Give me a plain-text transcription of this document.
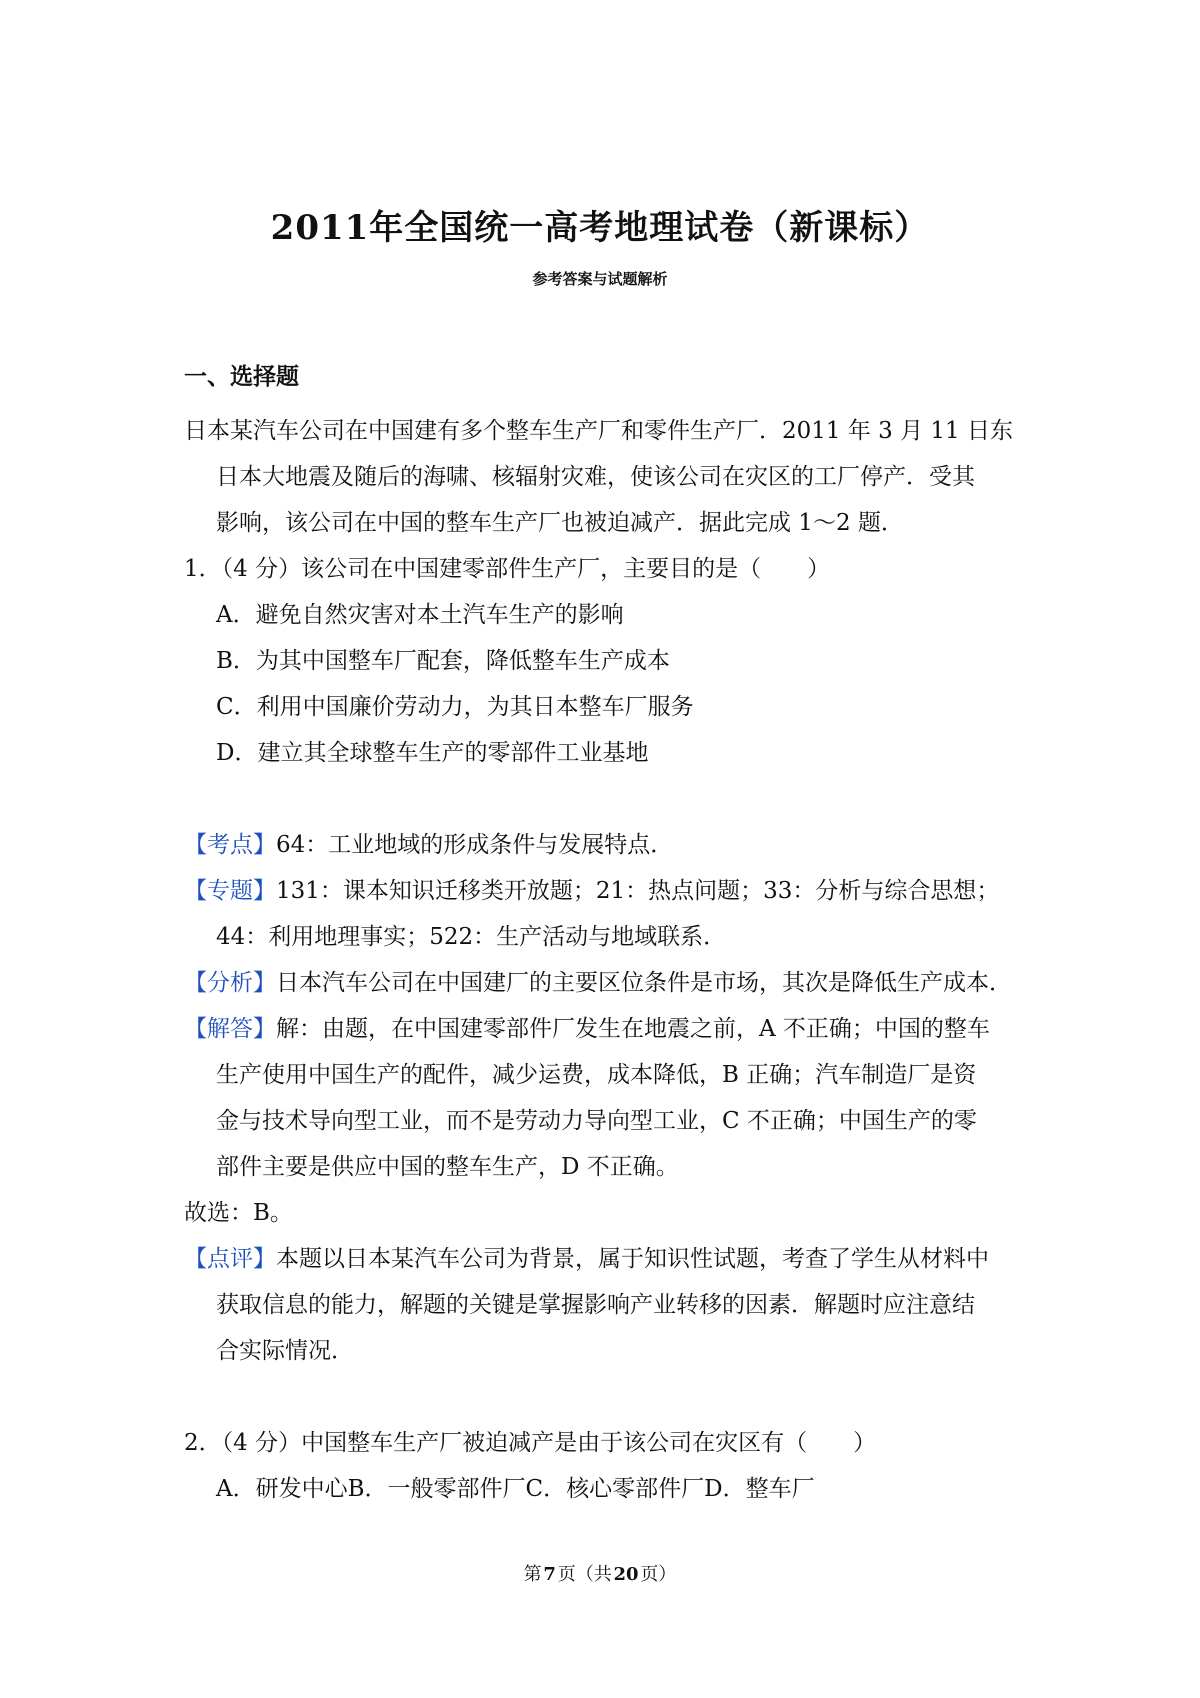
2011年全国统一高考地理试卷（新课标）
参考答案与试题解析
一、选择题
日本某汽车公司在中国建有多个整车生产厂和零件生产厂．2011 年 3 月 11 日东
日本大地震及随后的海啸、核辐射灾难，使该公司在灾区的工厂停产．受其
影响，该公司在中国的整车生产厂也被迫减产．据此完成 1～2 题．
1．（4 分）该公司在中国建零部件生产厂，主要目的是（　　）
A．避免自然灾害对本土汽车生产的影响
B．为其中国整车厂配套，降低整车生产成本
C．利用中国廉价劳动力，为其日本整车厂服务
D．建立其全球整车生产的零部件工业基地
【考点】64：工业地域的形成条件与发展特点．
【专题】131：课本知识迁移类开放题；21：热点问题；33：分析与综合思想；
44：利用地理事实；522：生产活动与地域联系．
【分析】日本汽车公司在中国建厂的主要区位条件是市场，其次是降低生产成本．
【解答】解：由题，在中国建零部件厂发生在地震之前，A 不正确；中国的整车
生产使用中国生产的配件，减少运费，成本降低，B 正确；汽车制造厂是资
金与技术导向型工业，而不是劳动力导向型工业，C 不正确；中国生产的零
部件主要是供应中国的整车生产，D 不正确。
故选：B。
【点评】本题以日本某汽车公司为背景，属于知识性试题，考查了学生从材料中
获取信息的能力，解题的关键是掌握影响产业转移的因素．解题时应注意结
合实际情况．
2．（4 分）中国整车生产厂被迫减产是由于该公司在灾区有（　　）
A．研发中心B．一般零部件厂C．核心零部件厂D．整车厂
第 7 页（共 20 页）
